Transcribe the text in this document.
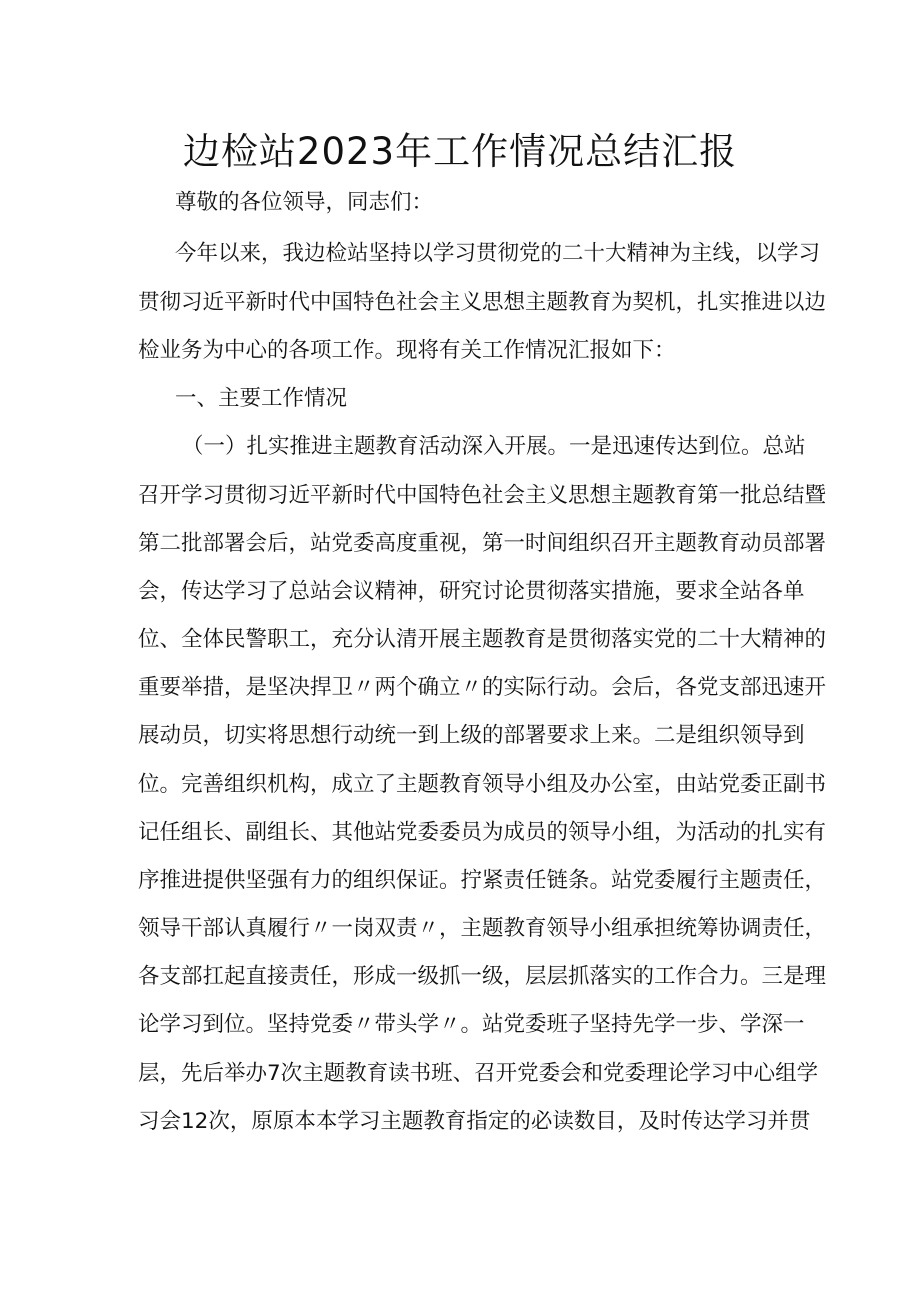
边检站2023年工作情况总结汇报

尊敬的各位领导，同志们：

今年以来，我边检站坚持以学习贯彻党的二十大精神为主线，以学习

贯彻习近平新时代中国特色社会主义思想主题教育为契机，扎实推进以边

检业务为中心的各项工作。现将有关工作情况汇报如下：

一、主要工作情况

（一）扎实推进主题教育活动深入开展。一是迅速传达到位。总站

召开学习贯彻习近平新时代中国特色社会主义思想主题教育第一批总结暨

第二批部署会后，站党委高度重视，第一时间组织召开主题教育动员部署

会，传达学习了总站会议精神，研究讨论贯彻落实措施，要求全站各单

位、全体民警职工，充分认清开展主题教育是贯彻落实党的二十大精神的

重要举措，是坚决捍卫〃两个确立〃的实际行动。会后，各党支部迅速开

展动员，切实将思想行动统一到上级的部署要求上来。二是组织领导到

位。完善组织机构，成立了主题教育领导小组及办公室，由站党委正副书

记任组长、副组长、其他站党委委员为成员的领导小组，为活动的扎实有

序推进提供坚强有力的组织保证。拧紧责任链条。站党委履行主题责任，

领导干部认真履行〃一岗双责〃，主题教育领导小组承担统筹协调责任，

各支部扛起直接责任，形成一级抓一级，层层抓落实的工作合力。三是理

论学习到位。坚持党委〃带头学〃。站党委班子坚持先学一步、学深一

层，先后举办7次主题教育读书班、召开党委会和党委理论学习中心组学

习会12次，原原本本学习主题教育指定的必读数目，及时传达学习并贯
